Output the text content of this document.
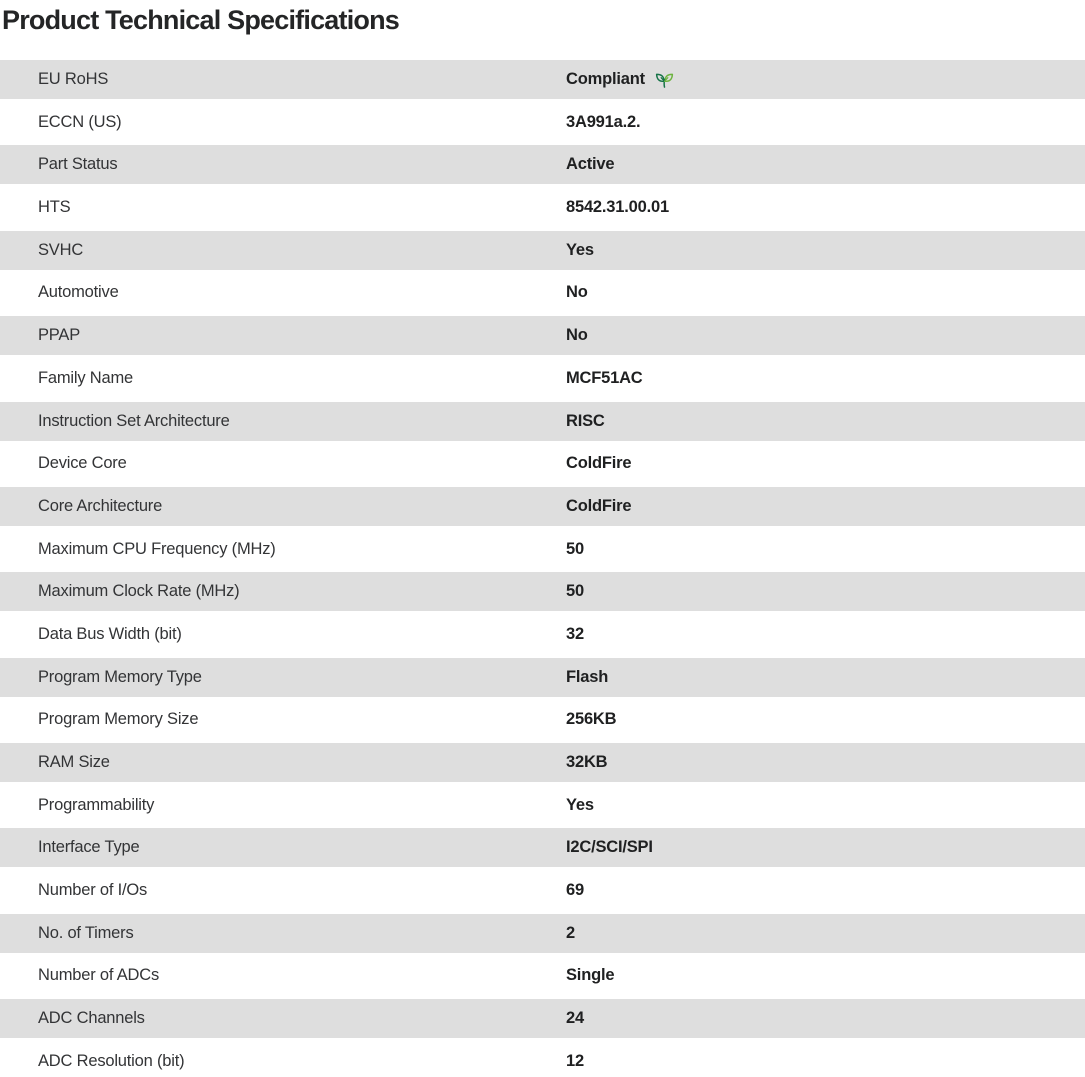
Product Technical Specifications
EU RoHS	Compliant
ECCN (US)	3A991a.2.
Part Status	Active
HTS	8542.31.00.01
SVHC	Yes
Automotive	No
PPAP	No
Family Name	MCF51AC
Instruction Set Architecture	RISC
Device Core	ColdFire
Core Architecture	ColdFire
Maximum CPU Frequency (MHz)	50
Maximum Clock Rate (MHz)	50
Data Bus Width (bit)	32
Program Memory Type	Flash
Program Memory Size	256KB
RAM Size	32KB
Programmability	Yes
Interface Type	I2C/SCI/SPI
Number of I/Os	69
No. of Timers	2
Number of ADCs	Single
ADC Channels	24
ADC Resolution (bit)	12
